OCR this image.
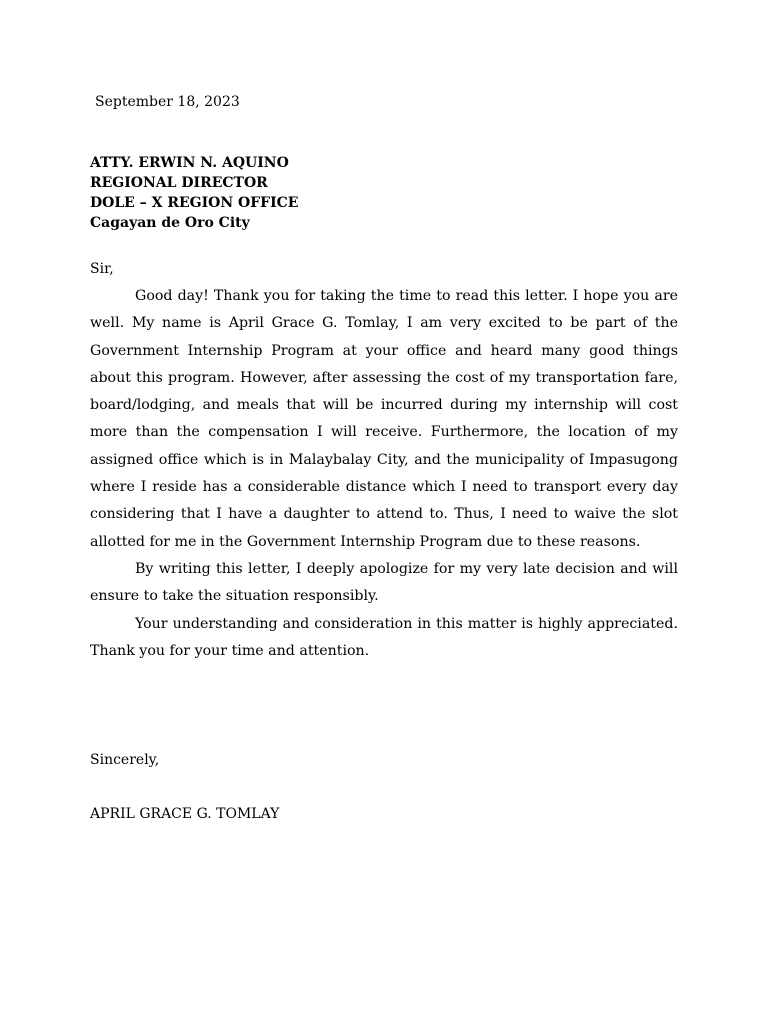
September 18, 2023
ATTY. ERWIN N. AQUINO
REGIONAL DIRECTOR
DOLE – X REGION OFFICE
Cagayan de Oro City
Sir,

Good day! Thank you for taking the time to read this letter. I hope you are well. My name is April Grace G. Tomlay, I am very excited to be part of the Government Internship Program at your office and heard many good things about this program. However, after assessing the cost of my transportation fare, board/lodging, and meals that will be incurred during my internship will cost more than the compensation I will receive. Furthermore, the location of my assigned office which is in Malaybalay City, and the municipality of Impasugong where I reside has a considerable distance which I need to transport every day considering that I have a daughter to attend to. Thus, I need to waive the slot allotted for me in the Government Internship Program due to these reasons.

By writing this letter, I deeply apologize for my very late decision and will ensure to take the situation responsibly.

Your understanding and consideration in this matter is highly appreciated. Thank you for your time and attention.

Sincerely,
APRIL GRACE G. TOMLAY
